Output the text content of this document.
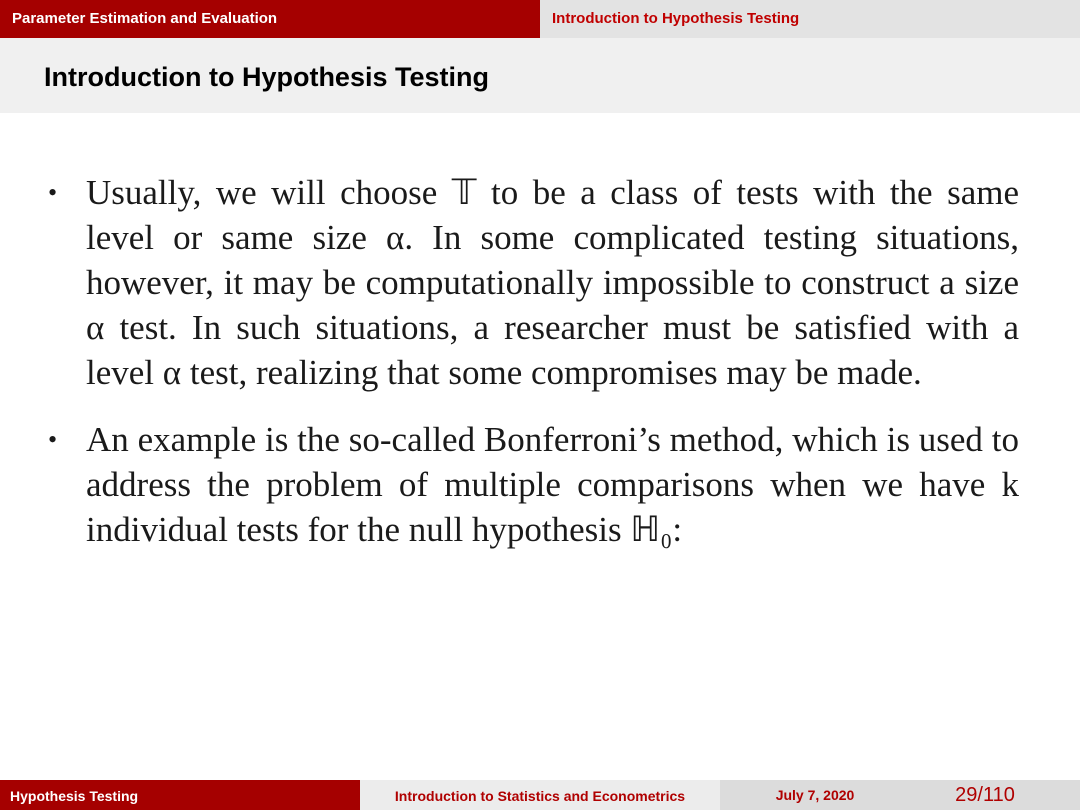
Parameter Estimation and Evaluation	Introduction to Hypothesis Testing
Introduction to Hypothesis Testing
• Usually, we will choose 𝕋 to be a class of tests with the same level or same size α. In some complicated testing situations, however, it may be computationally impossible to construct a size α test. In such situations, a researcher must be satisfied with a level α test, realizing that some compromises may be made.
• An example is the so-called Bonferroni’s method, which is used to address the problem of multiple comparisons when we have k individual tests for the null hypothesis ℍ₀:
Hypothesis Testing	Introduction to Statistics and Econometrics	July 7, 2020	29/110
